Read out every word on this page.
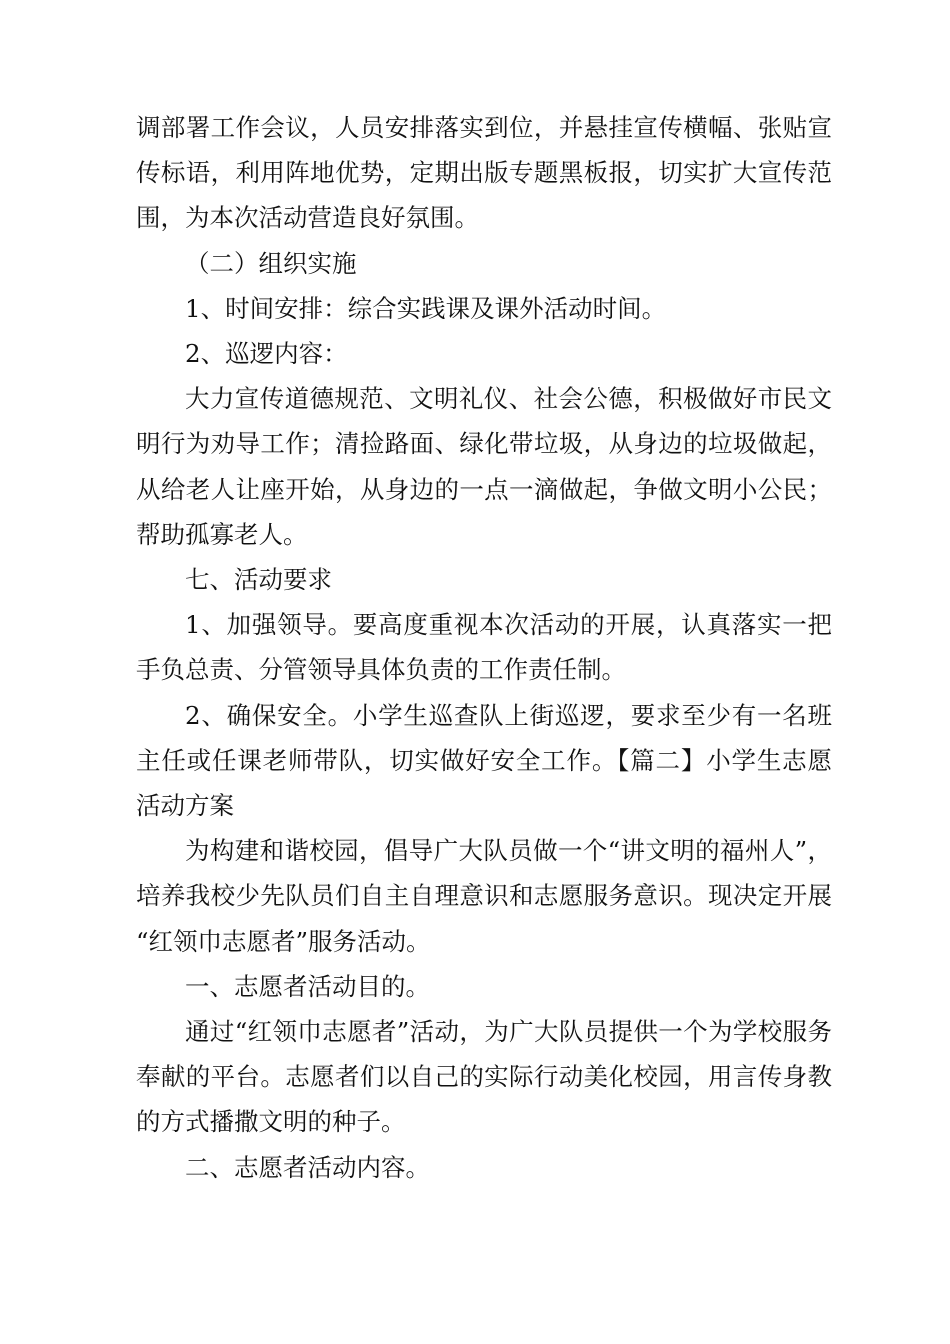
调部署工作会议，人员安排落实到位，并悬挂宣传横幅、张贴宣传标语，利用阵地优势，定期出版专题黑板报，切实扩大宣传范围，为本次活动营造良好氛围。

（二）组织实施

1、时间安排：综合实践课及课外活动时间。

2、巡逻内容：

大力宣传道德规范、文明礼仪、社会公德，积极做好市民文明行为劝导工作；清捡路面、绿化带垃圾，从身边的垃圾做起，从给老人让座开始，从身边的一点一滴做起，争做文明小公民；帮助孤寡老人。

七、活动要求

1、加强领导。要高度重视本次活动的开展，认真落实一把手负总责、分管领导具体负责的工作责任制。

2、确保安全。小学生巡查队上街巡逻，要求至少有一名班主任或任课老师带队，切实做好安全工作。【篇二】小学生志愿活动方案

为构建和谐校园，倡导广大队员做一个“讲文明的福州人”，培养我校少先队员们自主自理意识和志愿服务意识。现决定开展“红领巾志愿者”服务活动。

一、志愿者活动目的。

通过“红领巾志愿者”活动，为广大队员提供一个为学校服务奉献的平台。志愿者们以自己的实际行动美化校园，用言传身教的方式播撒文明的种子。

二、志愿者活动内容。
